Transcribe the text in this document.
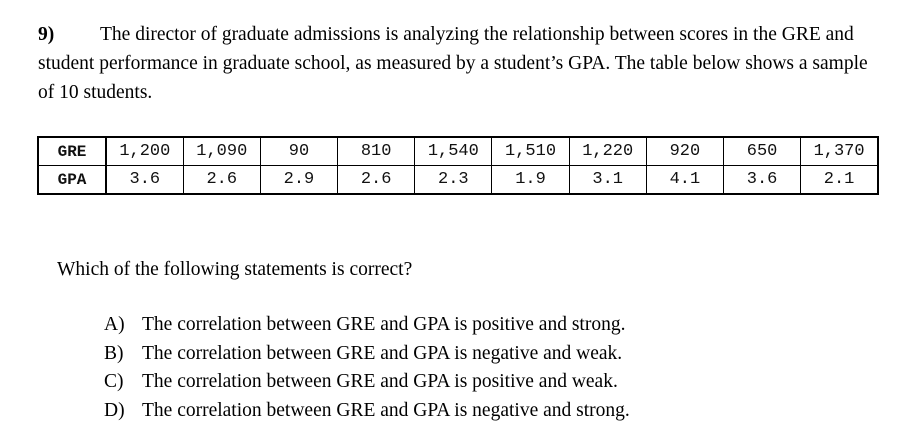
9) The director of graduate admissions is analyzing the relationship between scores in the GRE and student performance in graduate school, as measured by a student’s GPA. The table below shows a sample of 10 students.
GRE	1,200	1,090	90	810	1,540	1,510	1,220	920	650	1,370
GPA	3.6	2.6	2.9	2.6	2.3	1.9	3.1	4.1	3.6	2.1
Which of the following statements is correct?
A) The correlation between GRE and GPA is positive and strong.
B) The correlation between GRE and GPA is negative and weak.
C) The correlation between GRE and GPA is positive and weak.
D) The correlation between GRE and GPA is negative and strong.
